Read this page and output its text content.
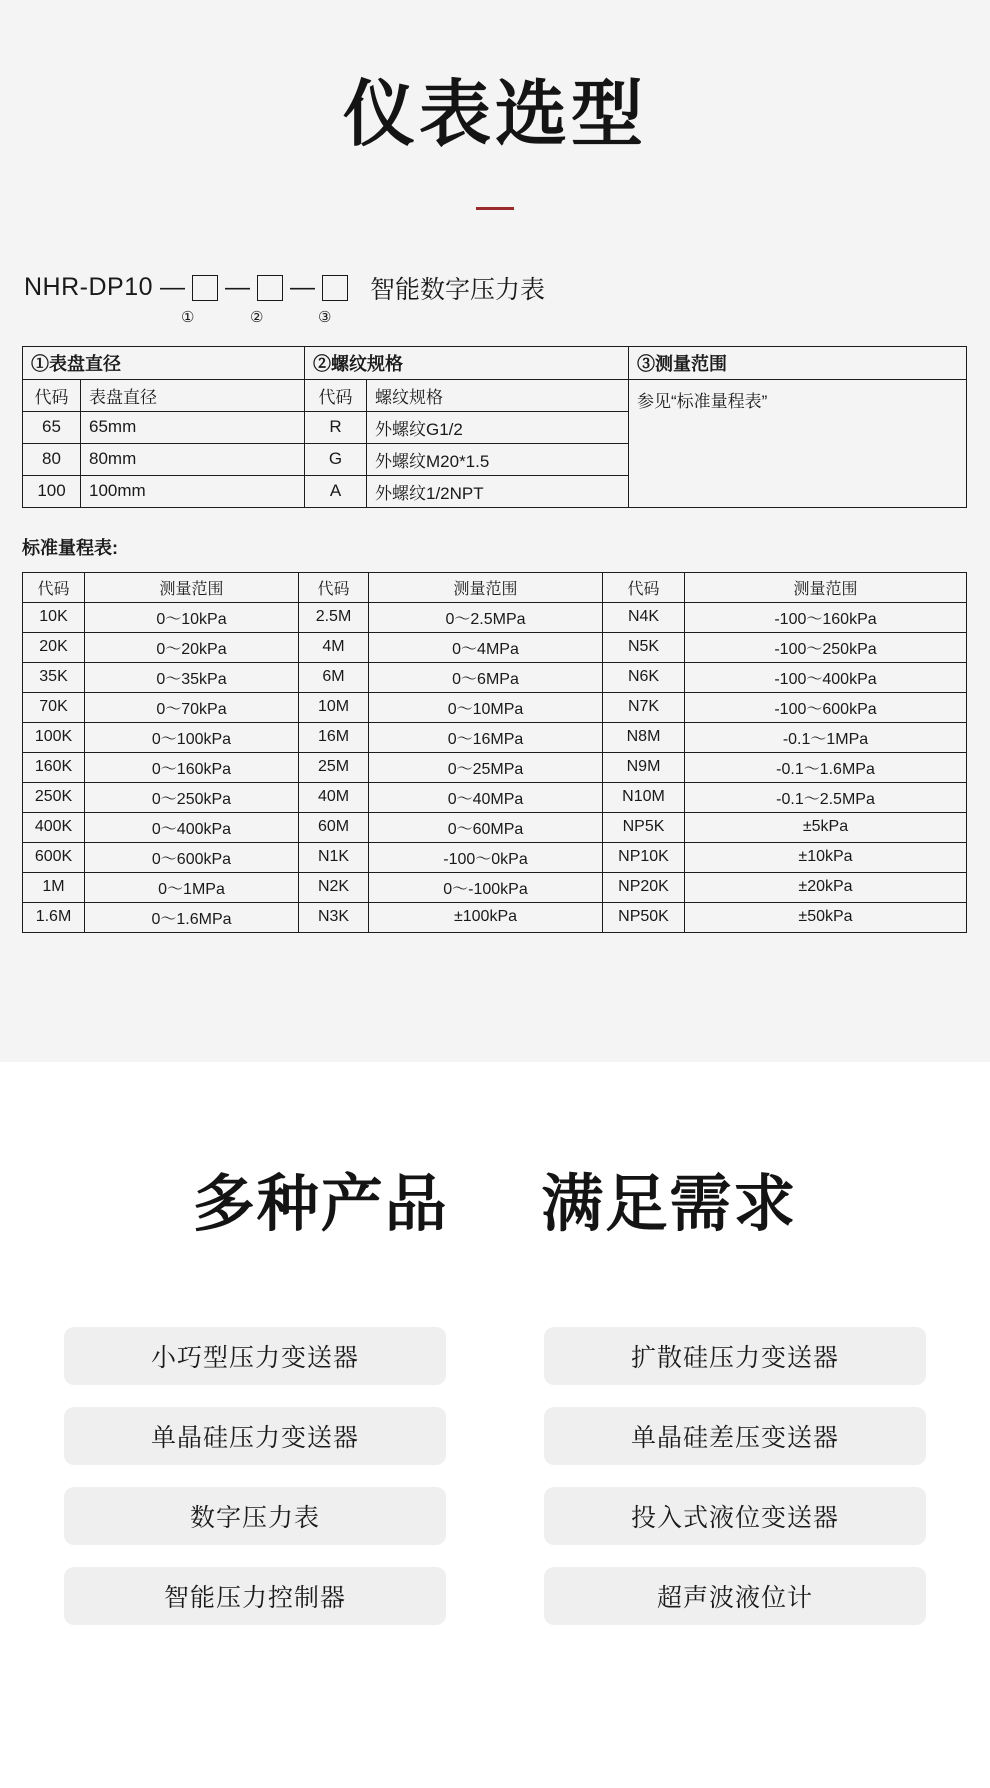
仪表选型
NHR-DP10 — — — 智能数字压力表
①	②	③
①表盘直径		②螺纹规格		③测量范围
代码	表盘直径	代码	螺纹规格	参见“标准量程表”
65	65mm	R	外螺纹G1/2	
80	80mm	G	外螺纹M20*1.5	
100	100mm	A	外螺纹1/2NPT	
标准量程表:
代码	测量范围	代码	测量范围	代码	测量范围
10K	0～10kPa	2.5M	0～2.5MPa	N4K	-100～160kPa
20K	0～20kPa	4M	0～4MPa	N5K	-100～250kPa
35K	0～35kPa	6M	0～6MPa	N6K	-100～400kPa
70K	0～70kPa	10M	0～10MPa	N7K	-100～600kPa
100K	0～100kPa	16M	0～16MPa	N8M	-0.1～1MPa
160K	0～160kPa	25M	0～25MPa	N9M	-0.1～1.6MPa
250K	0～250kPa	40M	0～40MPa	N10M	-0.1～2.5MPa
400K	0～400kPa	60M	0～60MPa	NP5K	±5kPa
600K	0～600kPa	N1K	-100～0kPa	NP10K	±10kPa
1M	0～1MPa	N2K	0～-100kPa	NP20K	±20kPa
1.6M	0～1.6MPa	N3K	±100kPa	NP50K	±50kPa
多种产品 满足需求
小巧型压力变送器	扩散硅压力变送器
单晶硅压力变送器	单晶硅差压变送器
数字压力表	投入式液位变送器
智能压力控制器	超声波液位计
